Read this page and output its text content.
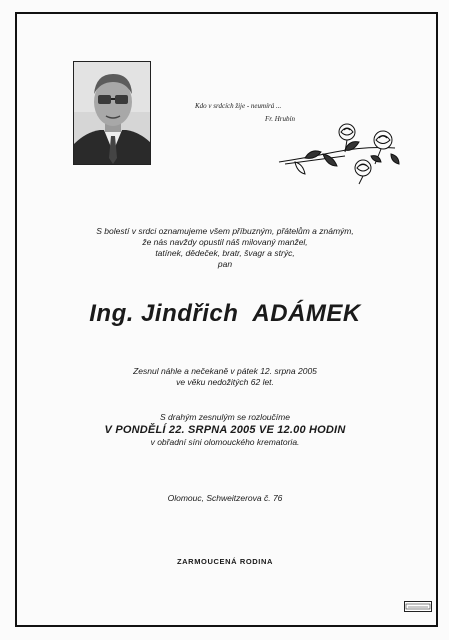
Kdo v srdcích žije - neumírá ...

Fr. Hrubín
S bolestí v srdci oznamujeme všem příbuzným, přátelům a známým,
že nás navždy opustil náš milovaný manžel,
tatínek, dědeček, bratr, švagr a strýc,
pan
Ing. Jindřich ADÁMEK
Zesnul náhle a nečekaně v pátek 12. srpna 2005
ve věku nedožitých 62 let.
S drahým zesnulým se rozloučíme
V PONDĚLÍ 22. SRPNA 2005 VE 12.00 HODIN
v obřadní síni olomouckého krematoria.
Olomouc, Schweitzerova č. 76
ZARMOUCENÁ RODINA
